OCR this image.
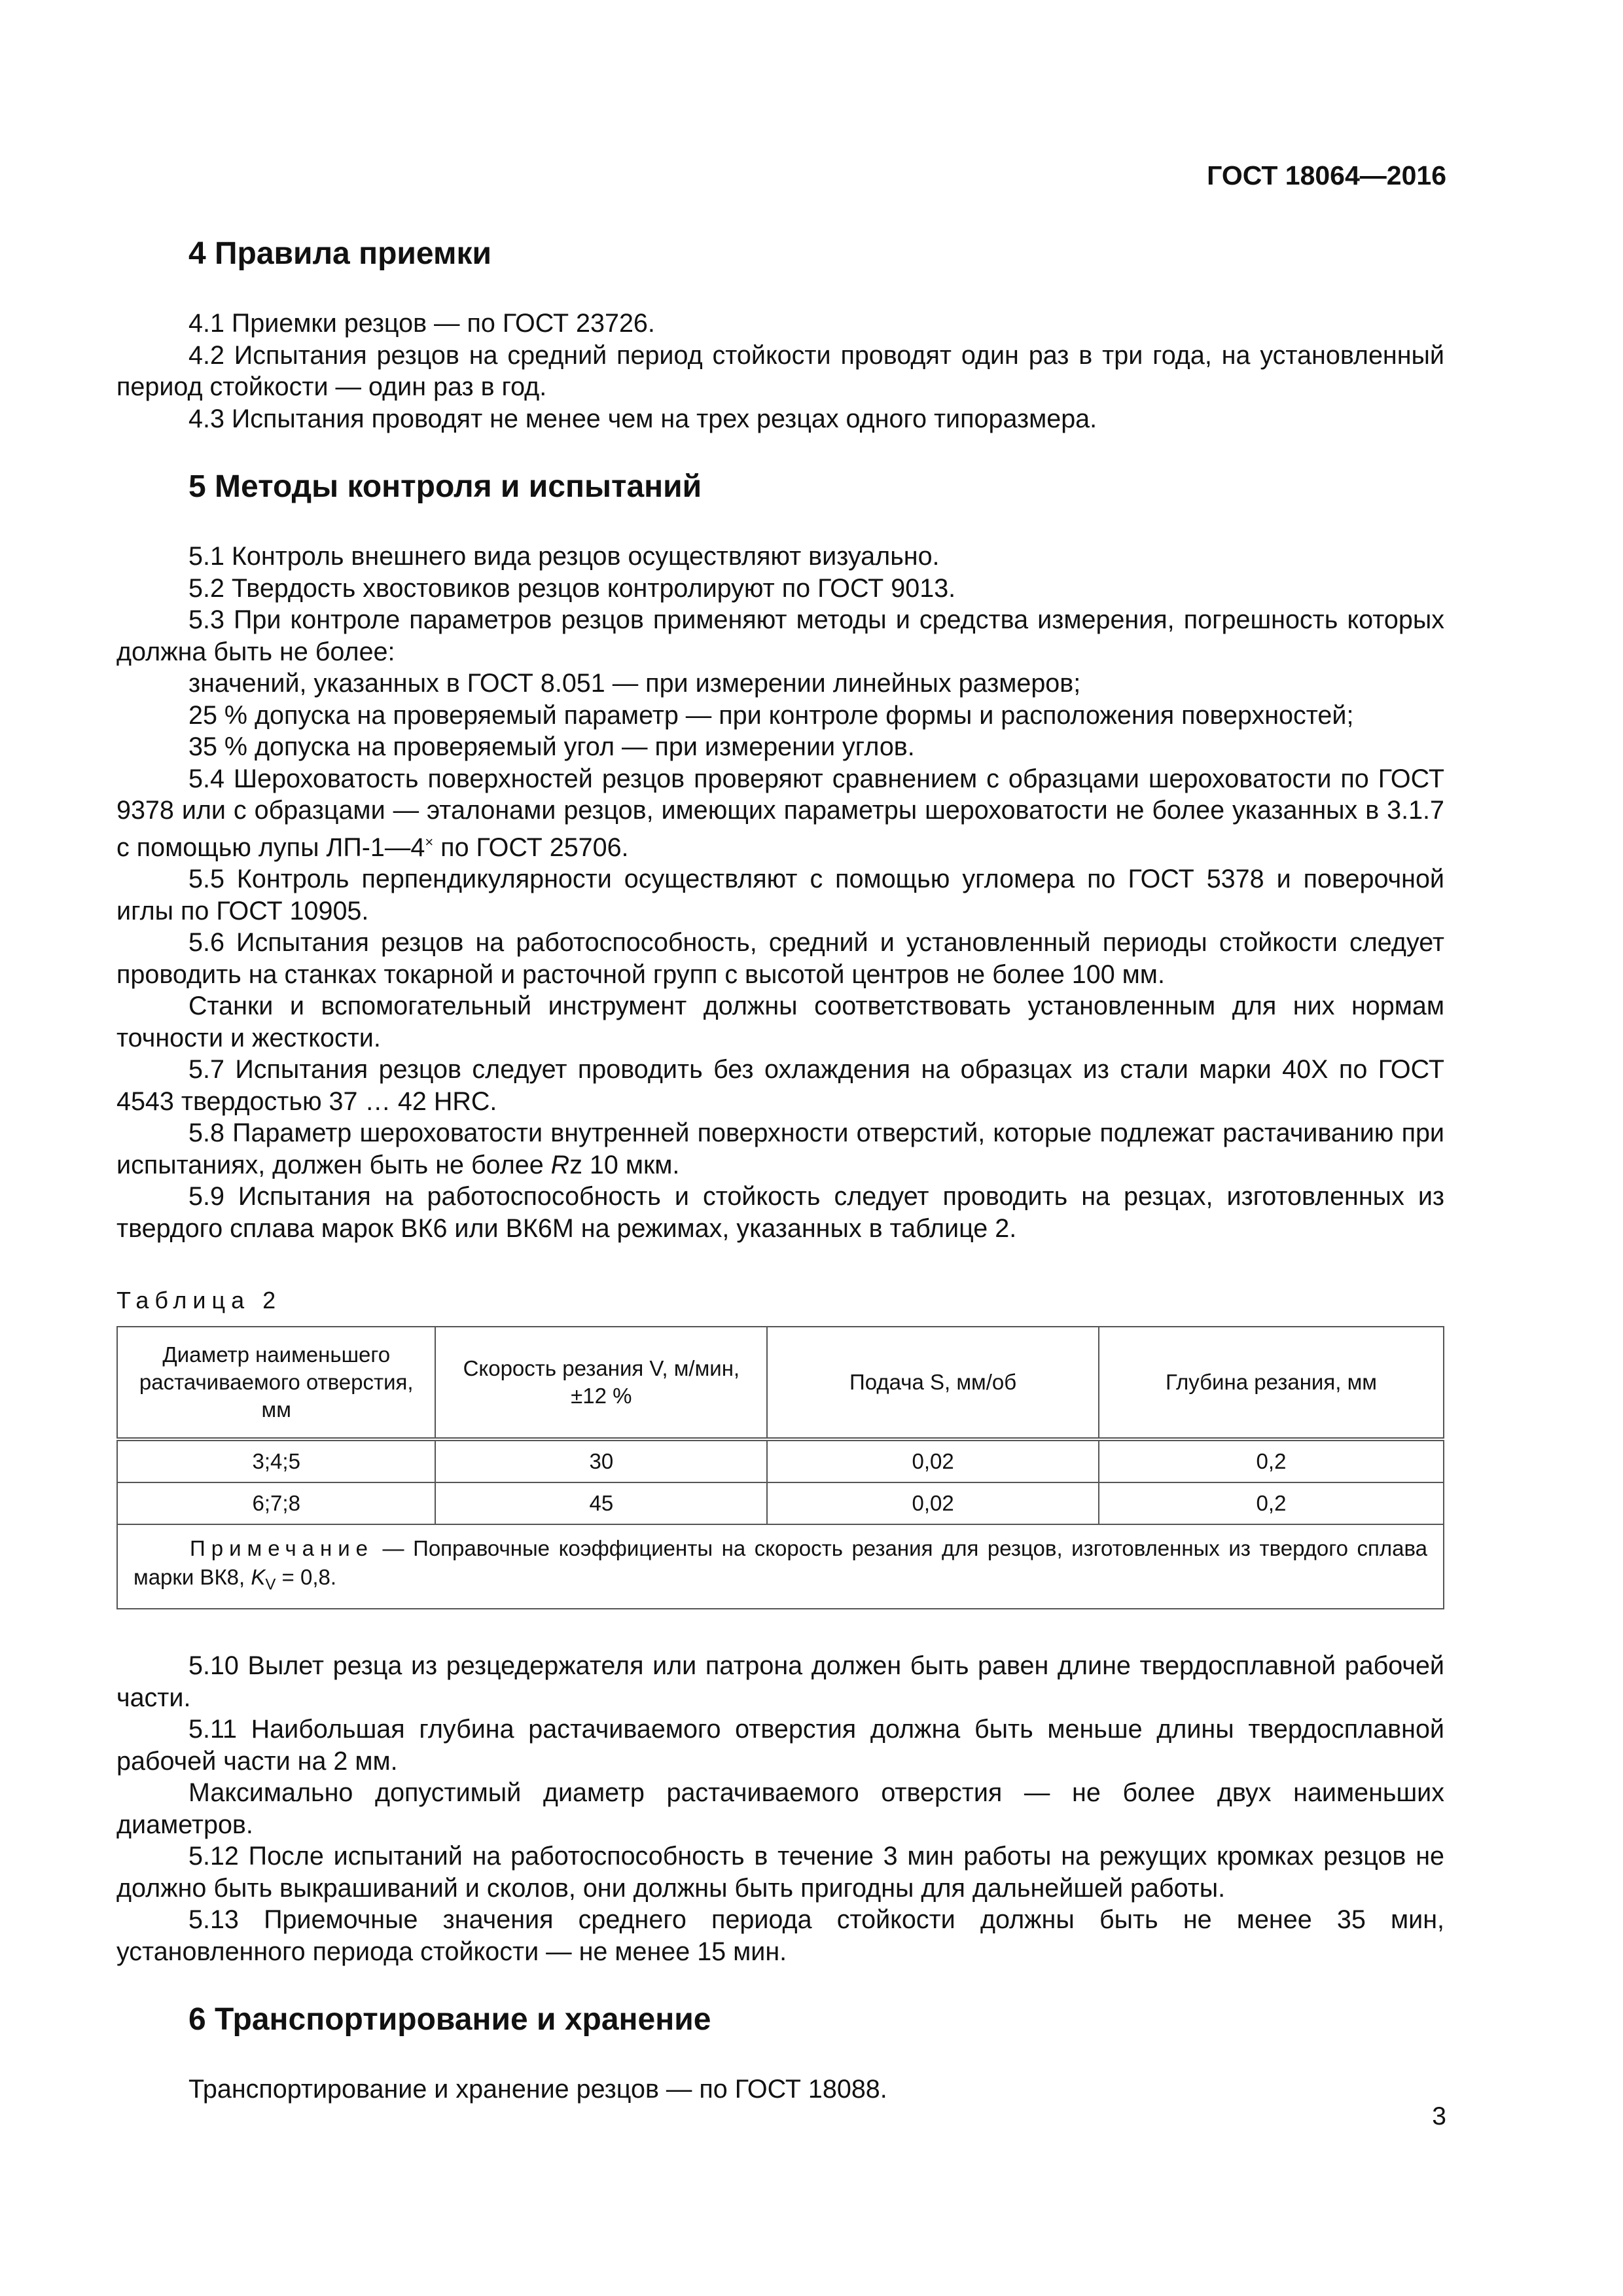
ГОСТ 18064—2016
4 Правила приемки

4.1 Приемки резцов — по ГОСТ 23726.

4.2 Испытания резцов на средний период стойкости проводят один раз в три года, на установленный период стойкости — один раз в год.

4.3 Испытания проводят не менее чем на трех резцах одного типоразмера.

5 Методы контроля и испытаний

5.1 Контроль внешнего вида резцов осуществляют визуально.

5.2 Твердость хвостовиков резцов контролируют по ГОСТ 9013.

5.3 При контроле параметров резцов применяют методы и средства измерения, погрешность которых должна быть не более:

значений, указанных в ГОСТ 8.051 — при измерении линейных размеров;

25 % допуска на проверяемый параметр — при контроле формы и расположения поверхностей;

35 % допуска на проверяемый угол — при измерении углов.

5.4 Шероховатость поверхностей резцов проверяют сравнением с образцами шероховатости по ГОСТ 9378 или с образцами — эталонами резцов, имеющих параметры шероховатости не более указанных в 3.1.7 с помощью лупы ЛП-1—4× по ГОСТ 25706.

5.5 Контроль перпендикулярности осуществляют с помощью угломера по ГОСТ 5378 и поверочной иглы по ГОСТ 10905.

5.6 Испытания резцов на работоспособность, средний и установленный периоды стойкости следует проводить на станках токарной и расточной групп с высотой центров не более 100 мм.

Станки и вспомогательный инструмент должны соответствовать установленным для них нормам точности и жесткости.

5.7 Испытания резцов следует проводить без охлаждения на образцах из стали марки 40Х по ГОСТ 4543 твердостью 37 … 42 HRC.

5.8 Параметр шероховатости внутренней поверхности отверстий, которые подлежат растачиванию при испытаниях, должен быть не более Rz 10 мкм.

5.9 Испытания на работоспособность и стойкость следует проводить на резцах, изготовленных из твердого сплава марок ВК6 или ВК6М на режимах, указанных в таблице 2.

Таблица 2
Диаметр наименьшего растачиваемого отверстия, мм	Скорость резания V, м/мин, ±12 %	Подача S, мм/об	Глубина резания, мм
3;4;5	30	0,02	0,2
6;7;8	45	0,02	0,2
Примечание — Поправочные коэффициенты на скорость резания для резцов, изготовленных из твердого сплава марки ВК8, $K_V = 0,8$.			

5.10 Вылет резца из резцедержателя или патрона должен быть равен длине твердосплавной рабочей части.

5.11 Наибольшая глубина растачиваемого отверстия должна быть меньше длины твердосплавной рабочей части на 2 мм.

Максимально допустимый диаметр растачиваемого отверстия — не более двух наименьших диаметров.

5.12 После испытаний на работоспособность в течение 3 мин работы на режущих кромках резцов не должно быть выкрашиваний и сколов, они должны быть пригодны для дальнейшей работы.

5.13 Приемочные значения среднего периода стойкости должны быть не менее 35 мин, установленного периода стойкости — не менее 15 мин.

6 Транспортирование и хранение

Транспортирование и хранение резцов — по ГОСТ 18088.

3
